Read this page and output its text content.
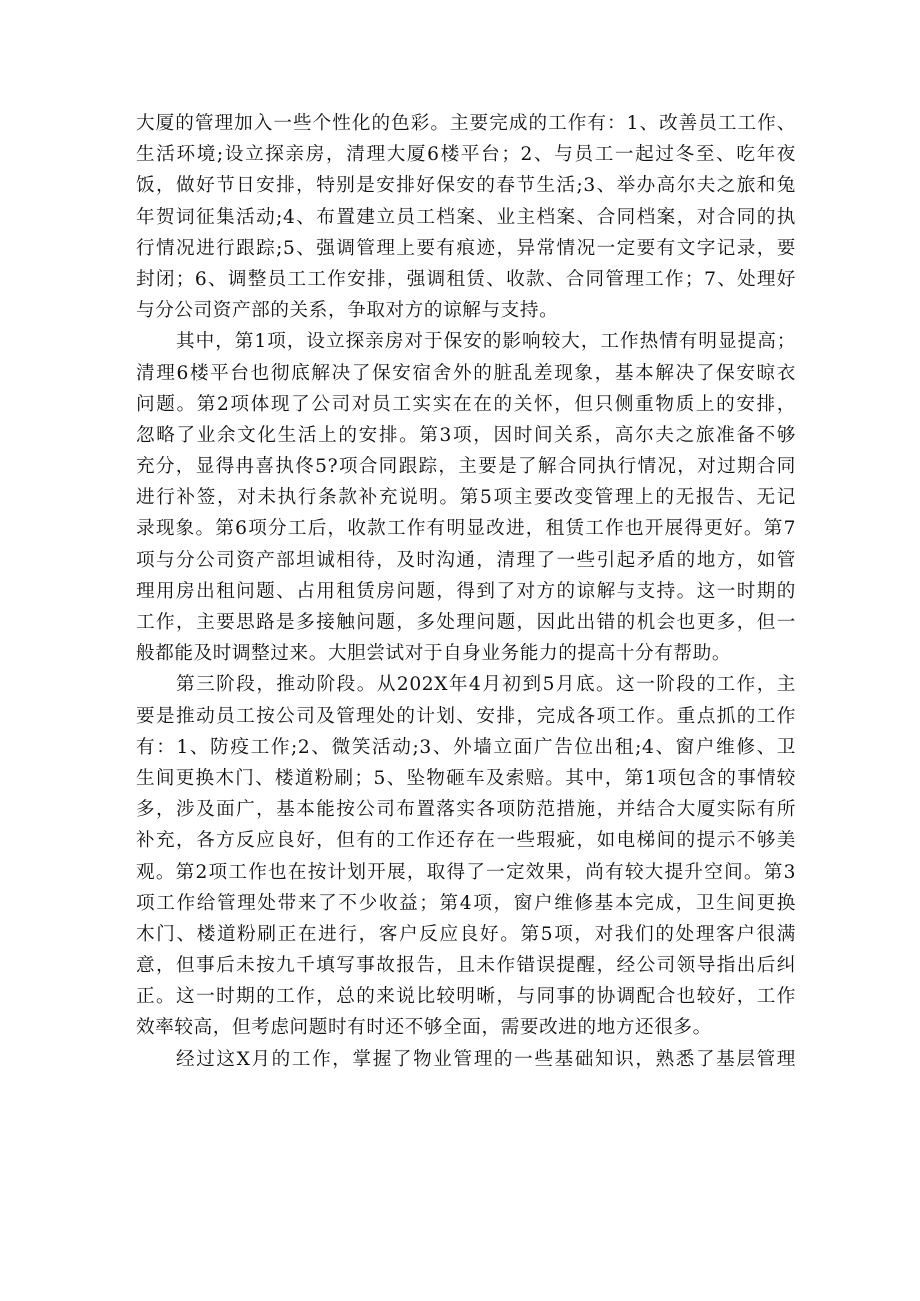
大厦的管理加入一些个性化的色彩。主要完成的工作有：1、改善员工工作、
生活环境;设立探亲房，清理大厦6楼平台；2、与员工一起过冬至、吃年夜
饭，做好节日安排，特别是安排好保安的春节生活;3、举办高尔夫之旅和兔
年贺词征集活动;4、布置建立员工档案、业主档案、合同档案，对合同的执
行情况进行跟踪;5、强调管理上要有痕迹，异常情况一定要有文字记录，要
封闭；6、调整员工工作安排，强调租赁、收款、合同管理工作；7、处理好
与分公司资产部的关系，争取对方的谅解与支持。
其中，第1项，设立探亲房对于保安的影响较大，工作热情有明显提高；
清理6楼平台也彻底解决了保安宿舍外的脏乱差现象，基本解决了保安晾衣
问题。第2项体现了公司对员工实实在在的关怀，但只侧重物质上的安排，
忽略了业余文化生活上的安排。第3项，因时间关系，高尔夫之旅准备不够
充分，显得冉喜执佟5?项合同跟踪，主要是了解合同执行情况，对过期合同
进行补签，对未执行条款补充说明。第5项主要改变管理上的无报告、无记
录现象。第6项分工后，收款工作有明显改进，租赁工作也开展得更好。第7
项与分公司资产部坦诚相待，及时沟通，清理了一些引起矛盾的地方，如管
理用房出租问题、占用租赁房问题，得到了对方的谅解与支持。这一时期的
工作，主要思路是多接触问题，多处理问题，因此出错的机会也更多，但一
般都能及时调整过来。大胆尝试对于自身业务能力的提高十分有帮助。
第三阶段，推动阶段。从202X年4月初到5月底。这一阶段的工作，主
要是推动员工按公司及管理处的计划、安排，完成各项工作。重点抓的工作
有：1、防疫工作;2、微笑活动;3、外墙立面广告位出租;4、窗户维修、卫
生间更换木门、楼道粉刷；5、坠物砸车及索赔。其中，第1项包含的事情较
多，涉及面广，基本能按公司布置落实各项防范措施，并结合大厦实际有所
补充，各方反应良好，但有的工作还存在一些瑕疵，如电梯间的提示不够美
观。第2项工作也在按计划开展，取得了一定效果，尚有较大提升空间。第3
项工作给管理处带来了不少收益；第4项，窗户维修基本完成，卫生间更换
木门、楼道粉刷正在进行，客户反应良好。第5项，对我们的处理客户很满
意，但事后未按九千填写事故报告，且未作错误提醒，经公司领导指出后纠
正。这一时期的工作，总的来说比较明晰，与同事的协调配合也较好，工作
效率较高，但考虑问题时有时还不够全面，需要改进的地方还很多。
经过这X月的工作，掌握了物业管理的一些基础知识，熟悉了基层管理
